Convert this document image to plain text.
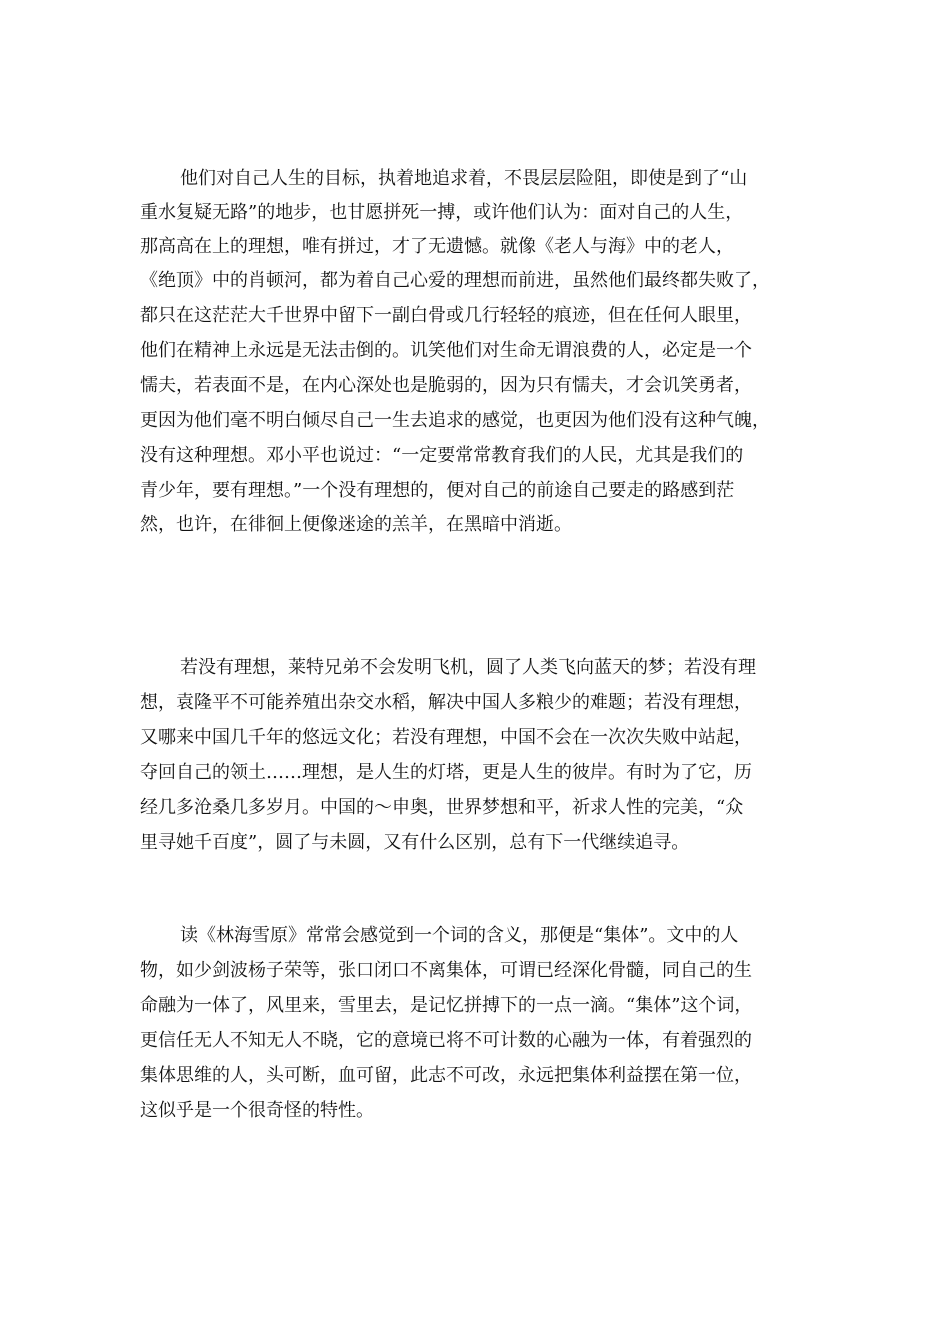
他们对自己人生的目标，执着地追求着，不畏层层险阻，即使是到了“山
重水复疑无路”的地步，也甘愿拼死一搏，或许他们认为：面对自己的人生，
那高高在上的理想，唯有拼过，才了无遗憾。就像《老人与海》中的老人，
《绝顶》中的肖顿河，都为着自己心爱的理想而前进，虽然他们最终都失败了，
都只在这茫茫大千世界中留下一副白骨或几行轻轻的痕迹，但在任何人眼里，
他们在精神上永远是无法击倒的。讥笑他们对生命无谓浪费的人，必定是一个
懦夫，若表面不是，在内心深处也是脆弱的，因为只有懦夫，才会讥笑勇者，
更因为他们毫不明白倾尽自己一生去追求的感觉，也更因为他们没有这种气魄，
没有这种理想。邓小平也说过：“一定要常常教育我们的人民，尤其是我们的
青少年，要有理想。”一个没有理想的，便对自己的前途自己要走的路感到茫
然，也许，在徘徊上便像迷途的羔羊，在黑暗中消逝。
若没有理想，莱特兄弟不会发明飞机，圆了人类飞向蓝天的梦；若没有理
想，袁隆平不可能养殖出杂交水稻，解决中国人多粮少的难题；若没有理想，
又哪来中国几千年的悠远文化；若没有理想，中国不会在一次次失败中站起，
夺回自己的领土……理想，是人生的灯塔，更是人生的彼岸。有时为了它，历
经几多沧桑几多岁月。中国的～申奥，世界梦想和平，祈求人性的完美，“众
里寻她千百度”，圆了与未圆，又有什么区别，总有下一代继续追寻。
读《林海雪原》常常会感觉到一个词的含义，那便是“集体”。文中的人
物，如少剑波杨子荣等，张口闭口不离集体，可谓已经深化骨髓，同自己的生
命融为一体了，风里来，雪里去，是记忆拼搏下的一点一滴。“集体”这个词，
更信任无人不知无人不晓，它的意境已将不可计数的心融为一体，有着强烈的
集体思维的人，头可断，血可留，此志不可改，永远把集体利益摆在第一位，
这似乎是一个很奇怪的特性。
